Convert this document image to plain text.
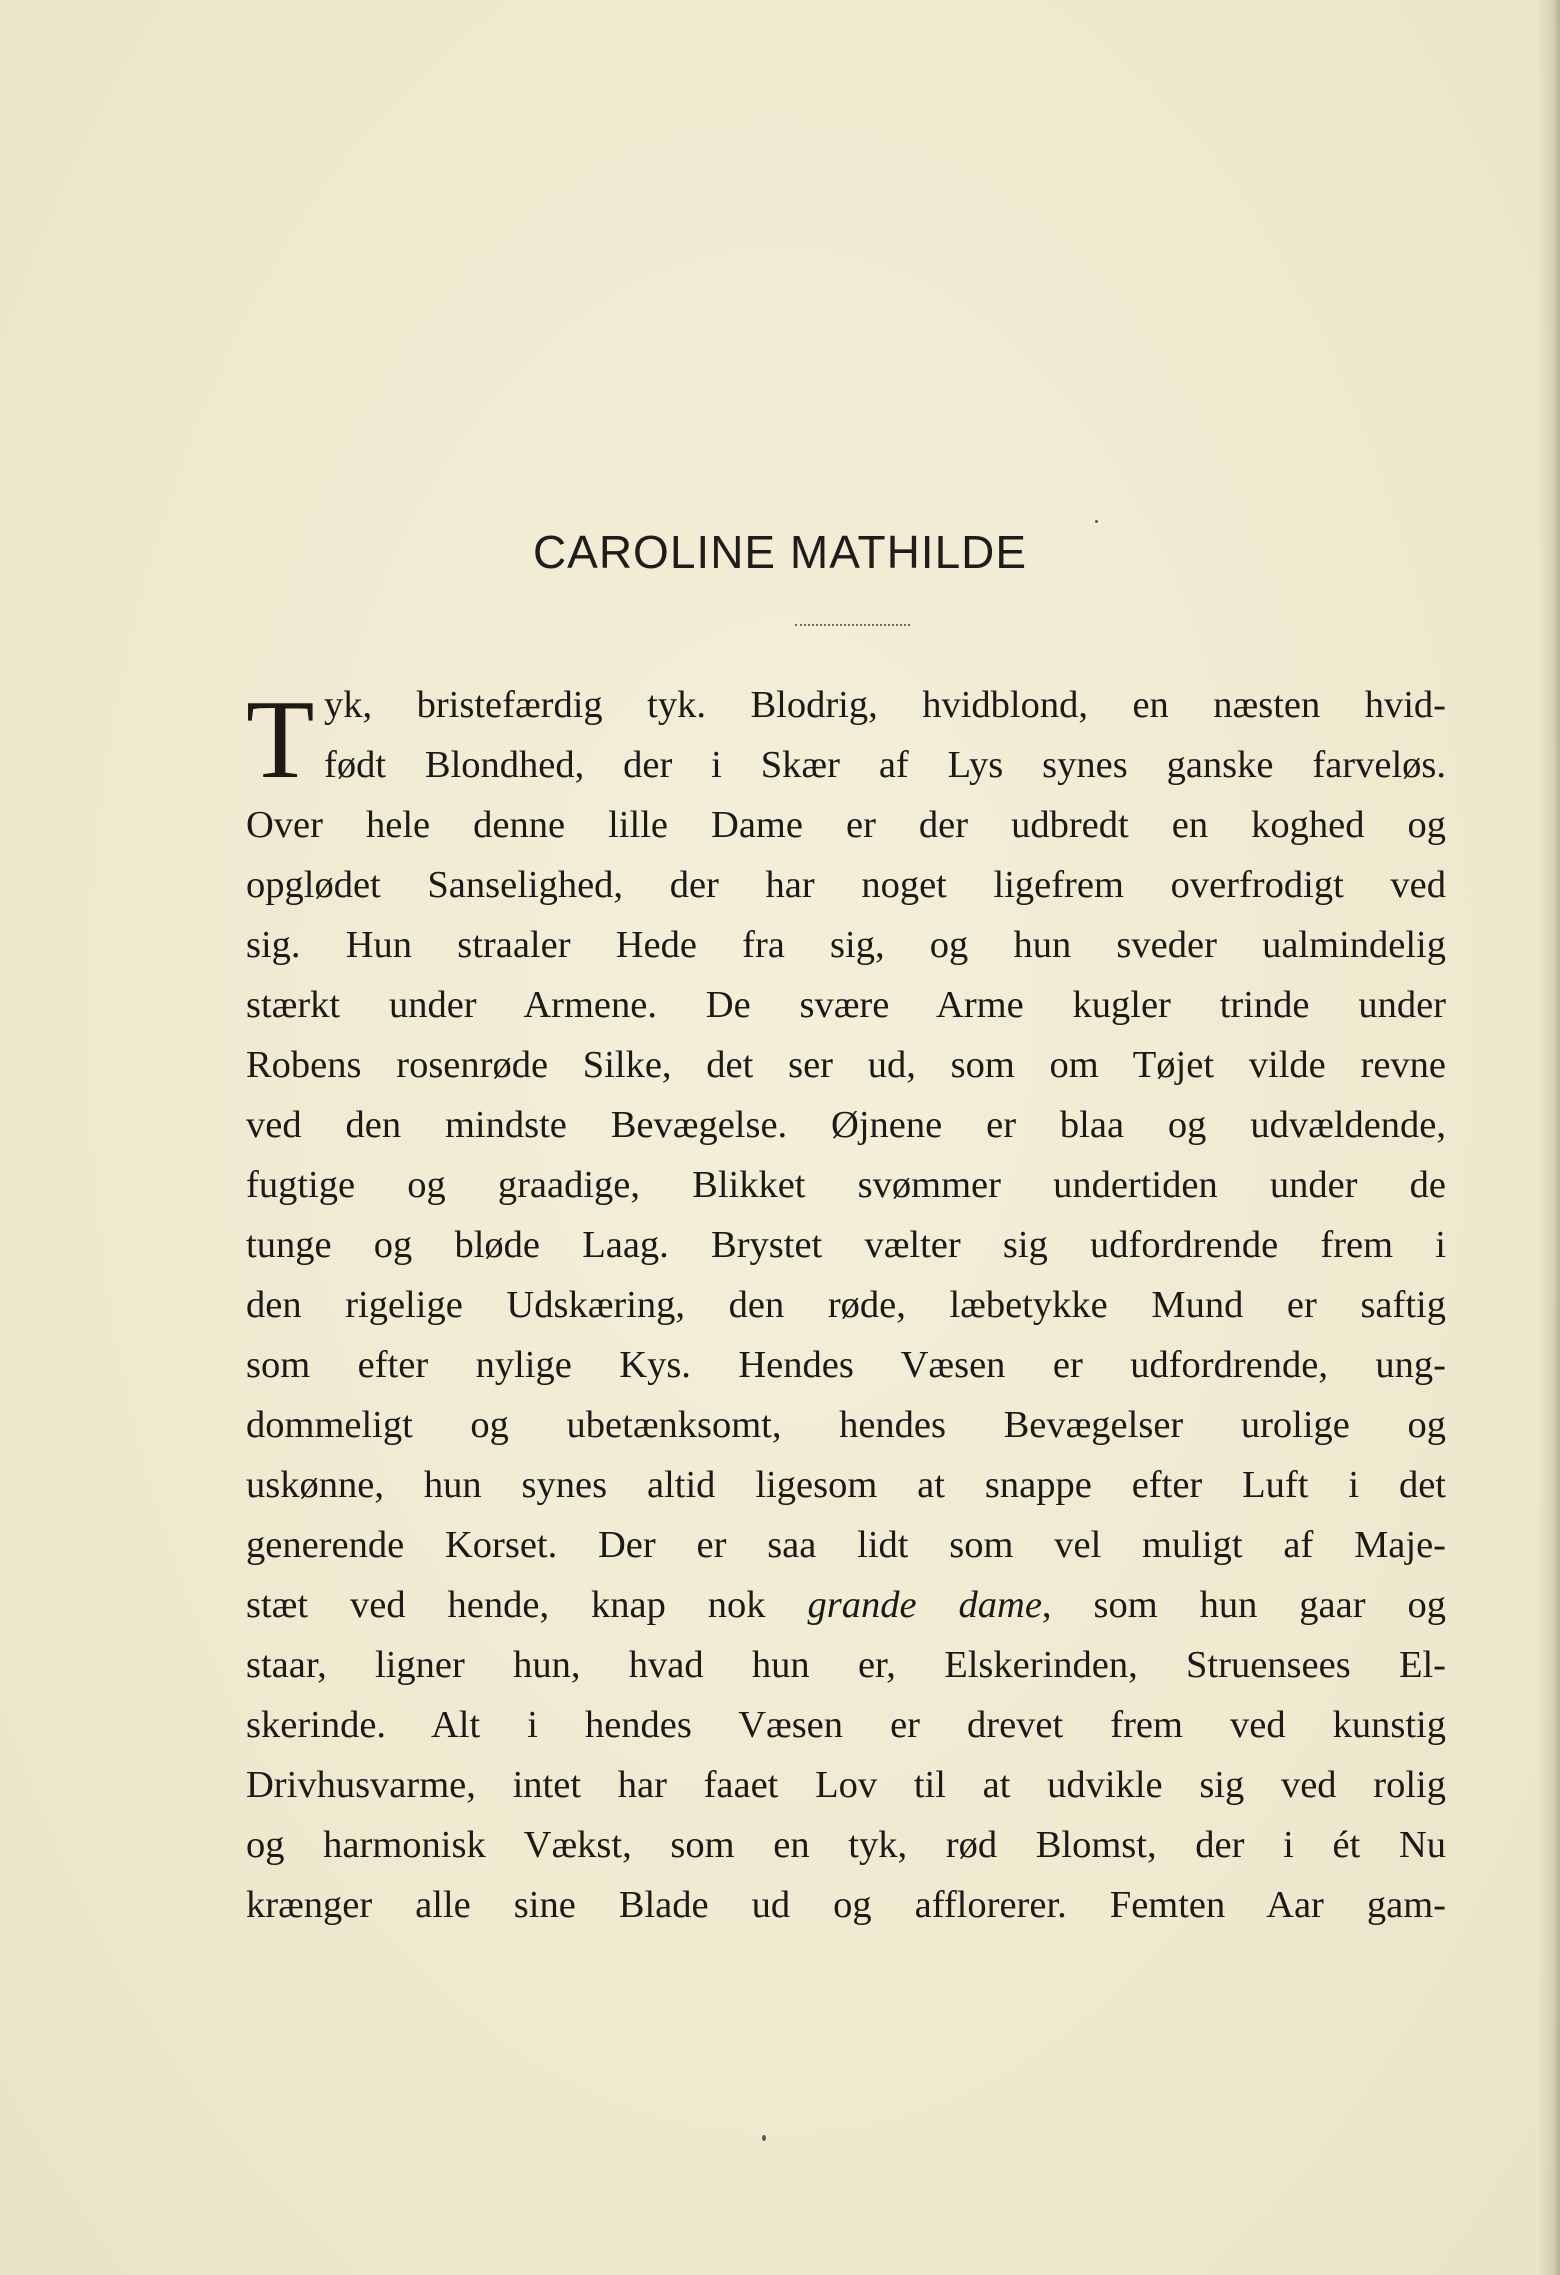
CAROLINE MATHILDE
T yk, bristefærdig tyk. Blodrig, hvidblond, en næsten hvid-
født Blondhed, der i Skær af Lys synes ganske farveløs.
Over hele denne lille Dame er der udbredt en koghed og
opglødet Sanselighed, der har noget ligefrem overfrodigt ved
sig. Hun straaler Hede fra sig, og hun sveder ualmindelig
stærkt under Armene. De svære Arme kugler trinde under
Robens rosenrøde Silke, det ser ud, som om Tøjet vilde revne
ved den mindste Bevægelse. Øjnene er blaa og udvældende,
fugtige og graadige, Blikket svømmer undertiden under de
tunge og bløde Laag. Brystet vælter sig udfordrende frem i
den rigelige Udskæring, den røde, læbetykke Mund er saftig
som efter nylige Kys. Hendes Væsen er udfordrende, ung-
dommeligt og ubetænksomt, hendes Bevægelser urolige og
uskønne, hun synes altid ligesom at snappe efter Luft i det
generende Korset. Der er saa lidt som vel muligt af Maje-
stæt ved hende, knap nok grande dame, som hun gaar og
staar, ligner hun, hvad hun er, Elskerinden, Struensees El-
skerinde. Alt i hendes Væsen er drevet frem ved kunstig
Drivhusvarme, intet har faaet Lov til at udvikle sig ved rolig
og harmonisk Vækst, som en tyk, rød Blomst, der i ét Nu
krænger alle sine Blade ud og afflorerer. Femten Aar gam-
